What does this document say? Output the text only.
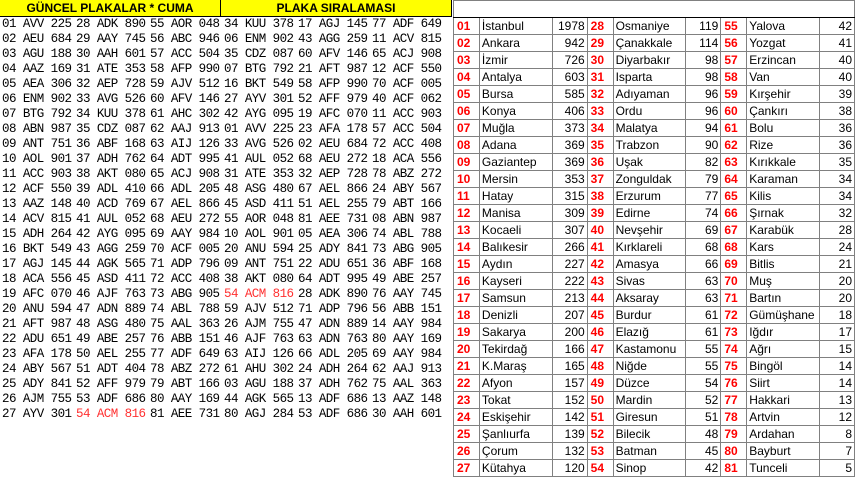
GÜNCEL PLAKALAR * CUMA	PLAKA SIRALAMASI
01 AVV 225 28 ADK 890 55 AOR 048 34 KUU 378 17 AGJ 145 77 ADF 649
02 AEU 684 29 AAY 745 56 ABC 946 06 ENM 902 43 AGG 259 11 ACV 815
03 AGU 188 30 AAH 601 57 ACC 504 35 CDZ 087 60 AFV 146 65 ACJ 908
04 AAZ 169 31 ATE 353 58 AFP 990 07 BTG 792 21 AFT 987 12 ACF 550
05 AEA 306 32 AEP 728 59 AJV 512 16 BKT 549 58 AFP 990 70 ACF 005
06 ENM 902 33 AVG 526 60 AFV 146 27 AYV 301 52 AFF 979 40 ACF 062
07 BTG 792 34 KUU 378 61 AHC 302 42 AYG 095 19 AFC 070 11 ACC 903
08 ABN 987 35 CDZ 087 62 AAJ 913 01 AVV 225 23 AFA 178 57 ACC 504
09 ANT 751 36 ABF 168 63 AIJ 126 33 AVG 526 02 AEU 684 72 ACC 408
10 AOL 901 37 ADH 762 64 ADT 995 41 AUL 052 68 AEU 272 18 ACA 556
11 ACC 903 38 AKT 080 65 ACJ 908 31 ATE 353 32 AEP 728 78 ABZ 272
12 ACF 550 39 ADL 410 66 ADL 205 48 ASG 480 67 AEL 866 24 ABY 567
13 AAZ 148 40 ACD 769 67 AEL 866 45 ASD 411 51 AEL 255 79 ABT 166
14 ACV 815 41 AUL 052 68 AEU 272 55 AOR 048 81 AEE 731 08 ABN 987
15 ADH 264 42 AYG 095 69 AAY 984 10 AOL 901 05 AEA 306 74 ABL 788
16 BKT 549 43 AGG 259 70 ACF 005 20 ANU 594 25 ADY 841 73 ABG 905
17 AGJ 145 44 AGK 565 71 ADP 796 09 ANT 751 22 ADU 651 36 ABF 168
18 ACA 556 45 ASD 411 72 ACC 408 38 AKT 080 64 ADT 995 49 ABE 257
19 AFC 070 46 AJF 763 73 ABG 905 54 ACM 816 28 ADK 890 76 AAY 745
20 ANU 594 47 ADN 889 74 ABL 788 59 AJV 512 71 ADP 796 56 ABB 151
21 AFT 987 48 ASG 480 75 AAL 363 26 AJM 755 47 ADN 889 14 AAY 984
22 ADU 651 49 ABE 257 76 ABB 151 46 AJF 763 63 ADN 763 80 AAY 169
23 AFA 178 50 AEL 255 77 ADF 649 63 AIJ 126 66 ADL 205 69 AAY 984
24 ABY 567 51 ADT 404 78 ABZ 272 61 AHU 302 24 ADH 264 62 AAJ 913
25 ADY 841 52 AFF 979 79 ABT 166 03 AGU 188 37 ADH 762 75 AAL 363
26 AJM 755 53 ADF 686 80 AAY 169 44 AGK 565 13 ADF 686 13 AAZ 148
27 AYV 301 54 ACM 816 81 AEE 731 80 AGJ 284 53 ADF 686 30 AAH 601

01	İstanbul	1978	28	Osmaniye	119	55	Yalova	42
02	Ankara	942	29	Çanakkale	114	56	Yozgat	41
03	İzmir	726	30	Diyarbakır	98	57	Erzincan	40
04	Antalya	603	31	Isparta	98	58	Van	40
05	Bursa	585	32	Adıyaman	96	59	Kırşehir	39
06	Konya	406	33	Ordu	96	60	Çankırı	38
07	Muğla	373	34	Malatya	94	61	Bolu	36
08	Adana	369	35	Trabzon	90	62	Rize	36
09	Gaziantep	369	36	Uşak	82	63	Kırıkkale	35
10	Mersin	353	37	Zonguldak	79	64	Karaman	34
11	Hatay	315	38	Erzurum	77	65	Kilis	34
12	Manisa	309	39	Edirne	74	66	Şırnak	32
13	Kocaeli	307	40	Nevşehir	69	67	Karabük	28
14	Balıkesir	266	41	Kırklareli	68	68	Kars	24
15	Aydın	227	42	Amasya	66	69	Bitlis	21
16	Kayseri	222	43	Sivas	63	70	Muş	20
17	Samsun	213	44	Aksaray	63	71	Bartın	20
18	Denizli	207	45	Burdur	61	72	Gümüşhane	18
19	Sakarya	200	46	Elazığ	61	73	Iğdır	17
20	Tekirdağ	166	47	Kastamonu	55	74	Ağrı	15
21	K.Maraş	165	48	Niğde	55	75	Bingöl	14
22	Afyon	157	49	Düzce	54	76	Siirt	14
23	Tokat	152	50	Mardin	52	77	Hakkari	13
24	Eskişehir	142	51	Giresun	51	78	Artvin	12
25	Şanlıurfa	139	52	Bilecik	48	79	Ardahan	8
26	Çorum	132	53	Batman	45	80	Bayburt	7
27	Kütahya	120	54	Sinop	42	81	Tunceli	5
